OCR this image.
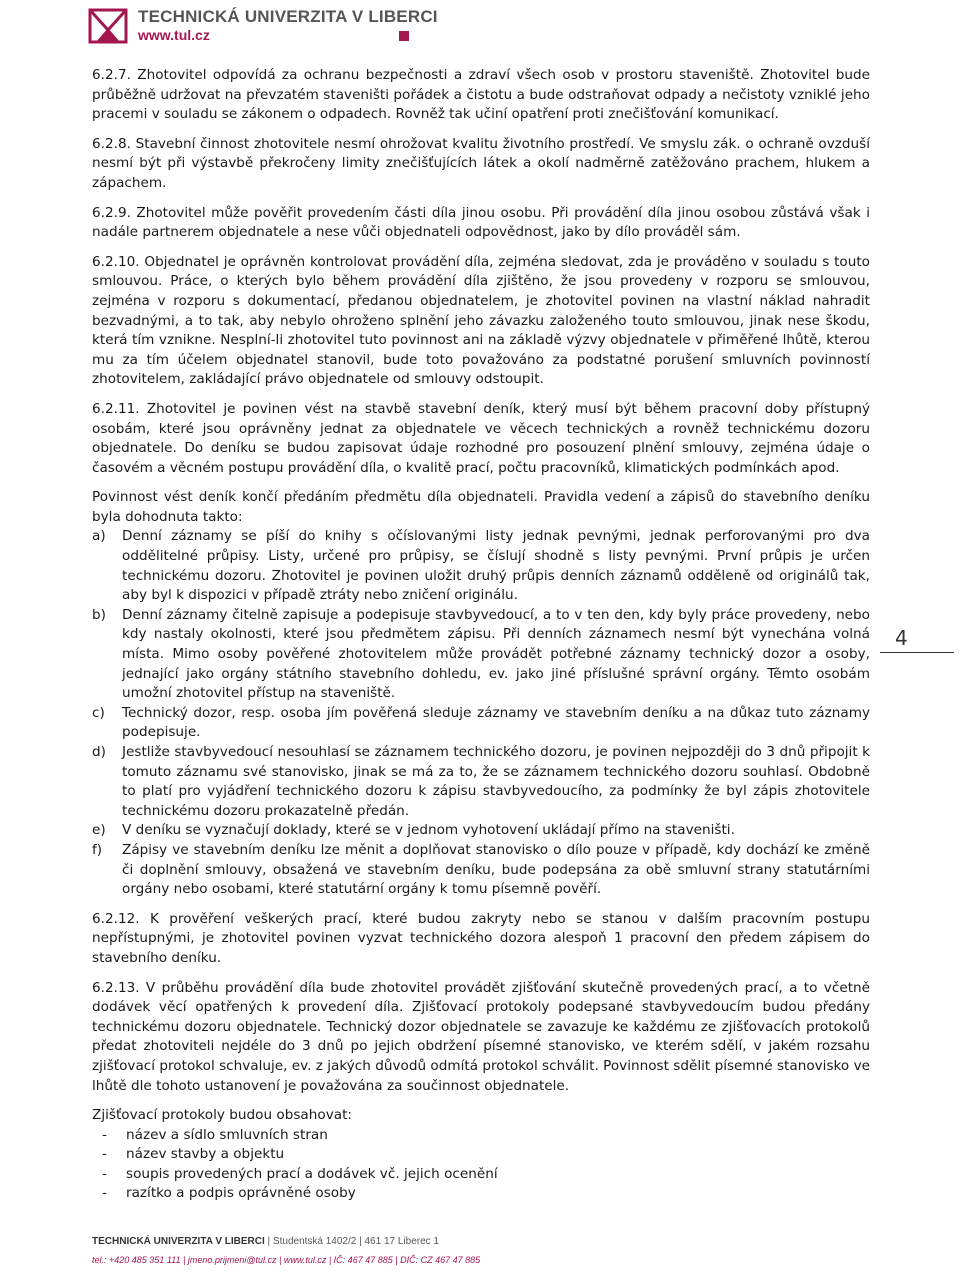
TECHNICKÁ UNIVERZITA V LIBERCI
www.tul.cz

6.2.7. Zhotovitel odpovídá za ochranu bezpečnosti a zdraví všech osob v prostoru staveniště. Zhotovitel bude průběžně udržovat na převzatém staveništi pořádek a čistotu a bude odstraňovat odpady a nečistoty vzniklé jeho pracemi v souladu se zákonem o odpadech. Rovněž tak učiní opatření proti znečišťování komunikací.

6.2.8. Stavební činnost zhotovitele nesmí ohrožovat kvalitu životního prostředí. Ve smyslu zák. o ochraně ovzduší nesmí být při výstavbě překročeny limity znečišťujících látek a okolí nadměrně zatěžováno prachem, hlukem a zápachem.

6.2.9. Zhotovitel může pověřit provedením části díla jinou osobu. Při provádění díla jinou osobou zůstává však i nadále partnerem objednatele a nese vůči objednateli odpovědnost, jako by dílo prováděl sám.

6.2.10. Objednatel je oprávněn kontrolovat provádění díla, zejména sledovat, zda je prováděno v souladu s touto smlouvou. Práce, o kterých bylo během provádění díla zjištěno, že jsou provedeny v rozporu se smlouvou, zejména v rozporu s dokumentací, předanou objednatelem, je zhotovitel povinen na vlastní náklad nahradit bezvadnými, a to tak, aby nebylo ohroženo splnění jeho závazku založeného touto smlouvou, jinak nese škodu, která tím vznikne. Nesplní-li zhotovitel tuto povinnost ani na základě výzvy objednatele v přiměřené lhůtě, kterou mu za tím účelem objednatel stanovil, bude toto považováno za podstatné porušení smluvních povinností zhotovitelem, zakládající právo objednatele od smlouvy odstoupit.

6.2.11. Zhotovitel je povinen vést na stavbě stavební deník, který musí být během pracovní doby přístupný osobám, které jsou oprávněny jednat za objednatele ve věcech technických a rovněž technickému dozoru objednatele. Do deníku se budou zapisovat údaje rozhodné pro posouzení plnění smlouvy, zejména údaje o časovém a věcném postupu provádění díla, o kvalitě prací, počtu pracovníků, klimatických podmínkách apod.

Povinnost vést deník končí předáním předmětu díla objednateli. Pravidla vedení a zápisů do stavebního deníku byla dohodnuta takto:

a)	Denní záznamy se píší do knihy s očíslovanými listy jednak pevnými, jednak perforovanými pro dva oddělitelné průpisy. Listy, určené pro průpisy, se číslují shodně s listy pevnými. První průpis je určen technickému dozoru. Zhotovitel je povinen uložit druhý průpis denních záznamů odděleně od originálů tak, aby byl k dispozici v případě ztráty nebo zničení originálu.
b)	Denní záznamy čitelně zapisuje a podepisuje stavbyvedoucí, a to v ten den, kdy byly práce provedeny, nebo kdy nastaly okolnosti, které jsou předmětem zápisu. Při denních záznamech nesmí být vynechána volná místa. Mimo osoby pověřené zhotovitelem může provádět potřebné záznamy technický dozor a osoby, jednající jako orgány státního stavebního dohledu, ev. jako jiné příslušné správní orgány. Těmto osobám umožní zhotovitel přístup na staveniště.
c)	Technický dozor, resp. osoba jím pověřená sleduje záznamy ve stavebním deníku a na důkaz tuto záznamy podepisuje.
d)	Jestliže stavbyvedoucí nesouhlasí se záznamem technického dozoru, je povinen nejpozději do 3 dnů připojit k tomuto záznamu své stanovisko, jinak se má za to, že se záznamem technického dozoru souhlasí. Obdobně to platí pro vyjádření technického dozoru k zápisu stavbyvedoucího, za podmínky že byl zápis zhotovitele technickému dozoru prokazatelně předán.
e)	V deníku se vyznačují doklady, které se v jednom vyhotovení ukládají přímo na staveništi.
f)	Zápisy ve stavebním deníku lze měnit a doplňovat stanovisko o dílo pouze v případě, kdy dochází ke změně či doplnění smlouvy, obsažená ve stavebním deníku, bude podepsána za obě smluvní strany statutárními orgány nebo osobami, které statutární orgány k tomu písemně pověří.

6.2.12. K prověření veškerých prací, které budou zakryty nebo se stanou v dalším pracovním postupu nepřístupnými, je zhotovitel povinen vyzvat technického dozora alespoň 1 pracovní den předem zápisem do stavebního deníku.

6.2.13. V průběhu provádění díla bude zhotovitel provádět zjišťování skutečně provedených prací, a to včetně dodávek věcí opatřených k provedení díla. Zjišťovací protokoly podepsané stavbyvedoucím budou předány technickému dozoru objednatele. Technický dozor objednatele se zavazuje ke každému ze zjišťovacích protokolů předat zhotoviteli nejdéle do 3 dnů po jejich obdržení písemné stanovisko, ve kterém sdělí, v jakém rozsahu zjišťovací protokol schvaluje, ev. z jakých důvodů odmítá protokol schválit. Povinnost sdělit písemné stanovisko ve lhůtě dle tohoto ustanovení je považována za součinnost objednatele.

Zjišťovací protokoly budou obsahovat:

-	název a sídlo smluvních stran
-	název stavby a objektu
-	soupis provedených prací a dodávek vč. jejich ocenění
-	razítko a podpis oprávněné osoby
4
TECHNICKÁ UNIVERZITA V LIBERCI | Studentská 1402/2 | 461 17 Liberec 1
tel.: +420 485 351 111 | jmeno.prijmeni@tul.cz | www.tul.cz | IČ: 467 47 885 | DIČ: CZ 467 47 885
